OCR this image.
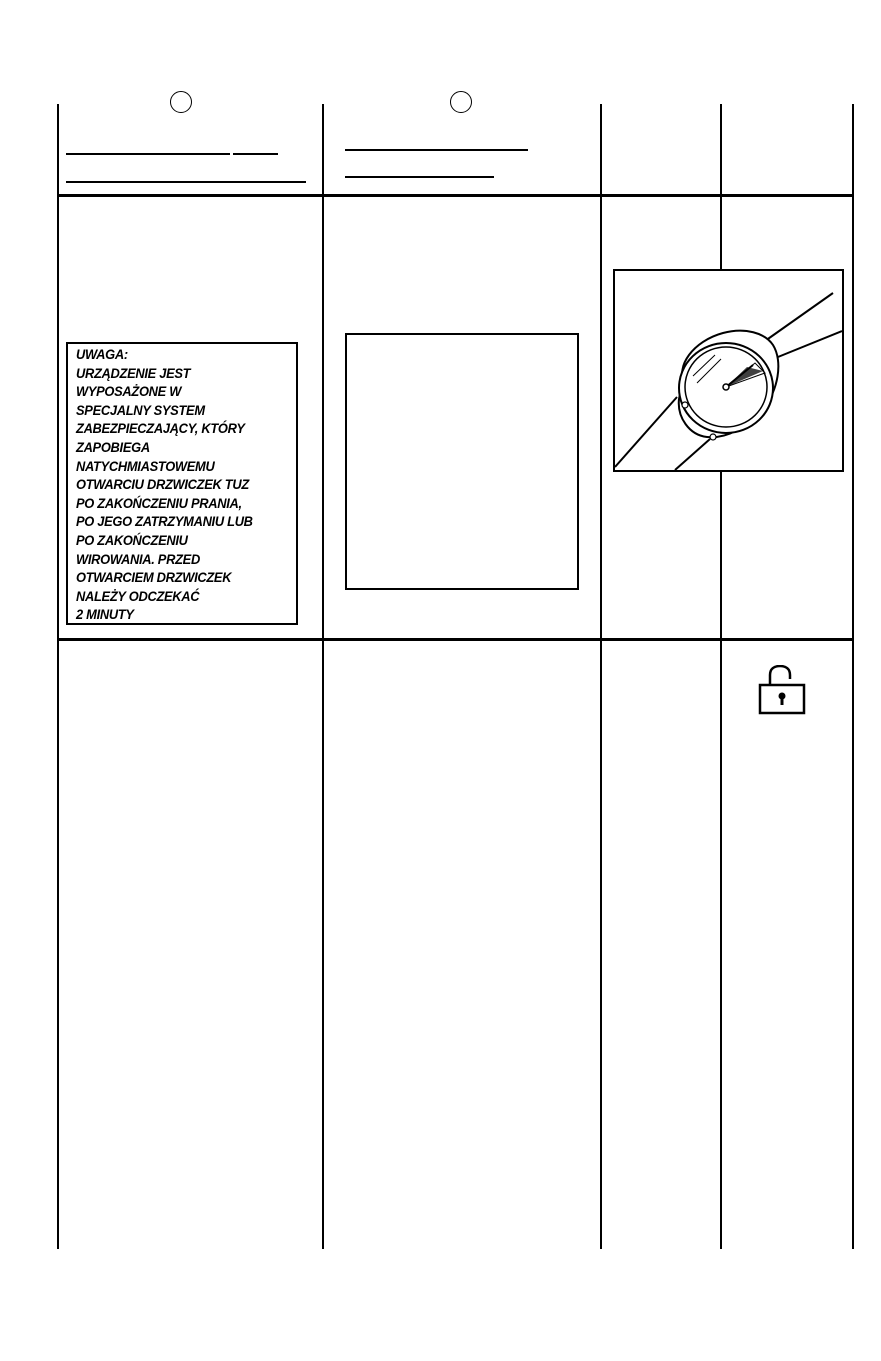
UWAGA:
URZĄDZENIE JEST
WYPOSAŻONE W
SPECJALNY SYSTEM
ZABEZPIECZAJĄCY, KTÓRY
ZAPOBIEGA
NATYCHMIASTOWEMU
OTWARCIU DRZWICZEK TUZ
PO ZAKOŃCZENIU PRANIA,
PO JEGO ZATRZYMANIU LUB
PO ZAKOŃCZENIU
WIROWANIA. PRZED
OTWARCIEM DRZWICZEK
NALEŻY ODCZEKAĆ
2 MINUTY
